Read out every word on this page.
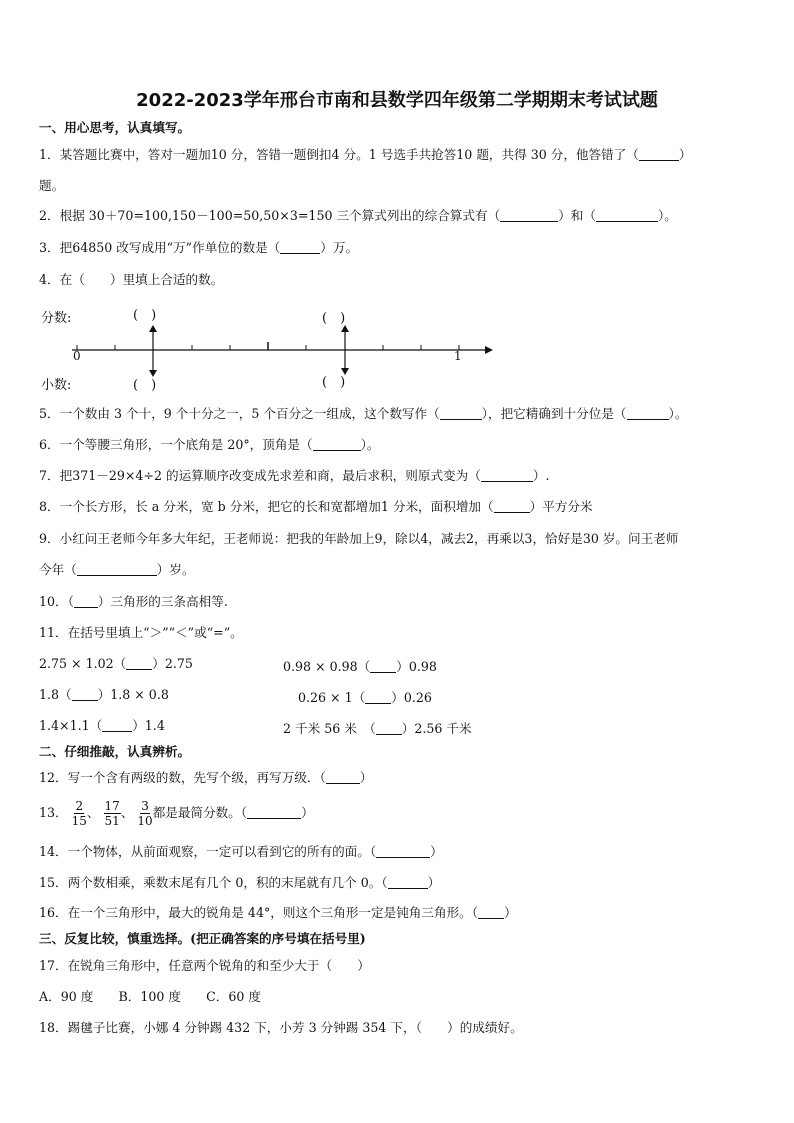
2022-2023学年邢台市南和县数学四年级第二学期期末考试试题
一、用心思考，认真填写。
1．某答题比赛中，答对一题加10 分，答错一题倒扣4 分。1 号选手共抢答10 题，共得 30 分，他答错了（	）
题。
2．根据 30＋70=100,150－100=50,50×3=150 三个算式列出的综合算式有（	）和（	）。
3．把64850 改写成用“万”作单位的数是（	）万。
4．在（　　）里填上合适的数。
分数:
小数:
(　)	(　)
(　)	(　)
0	1
5．一个数由 3 个十，9 个十分之一，5 个百分之一组成，这个数写作（	），把它精确到十分位是（	）。
6．一个等腰三角形，一个底角是 20°，顶角是（	）。
7．把371－29×4÷2 的运算顺序改变成先求差和商，最后求积，则原式变为（	）.
8．一个长方形，长 a 分米，宽 b 分米，把它的长和宽都增加1 分米，面积增加（	）平方分米
9．小红问王老师今年多大年纪，王老师说：把我的年龄加上9，除以4，减去2，再乘以3，恰好是30 岁。问王老师
今年（	）岁。
10．（ ）三角形的三条高相等.
11．在括号里填上“＞”“＜”或“=”。
2.75 × 1.02（ ）2.75	0.98 × 0.98（ ）0.98
1.8（ ）1.8 × 0.8	0.26 × 1（ ）0.26
1.4×1.1（ ）1.4	2 千米 56 米　（ ）2.56 千米
二、仔细推敲，认真辨析。
12．写一个含有两级的数，先写个级，再写万级．（	）
13． $\frac{2}{15}$ 、 $\frac{17}{51}$ 、 $\frac{3}{10}$ 都是最简分数。（	）
14．一个物体，从前面观察，一定可以看到它的所有的面。（	）
15．两个数相乘，乘数末尾有几个 0，积的末尾就有几个 0。（	）
16．在一个三角形中，最大的锐角是 44°，则这个三角形一定是钝角三角形。（ ）
三、反复比较，慎重选择。(把正确答案的序号填在括号里)
17．在锐角三角形中，任意两个锐角的和至少大于（　　）
A．90 度　　B．100 度　　C．60 度
18．踢毽子比赛，小娜 4 分钟踢 432 下，小芳 3 分钟踢 354 下，（　　）的成绩好。
